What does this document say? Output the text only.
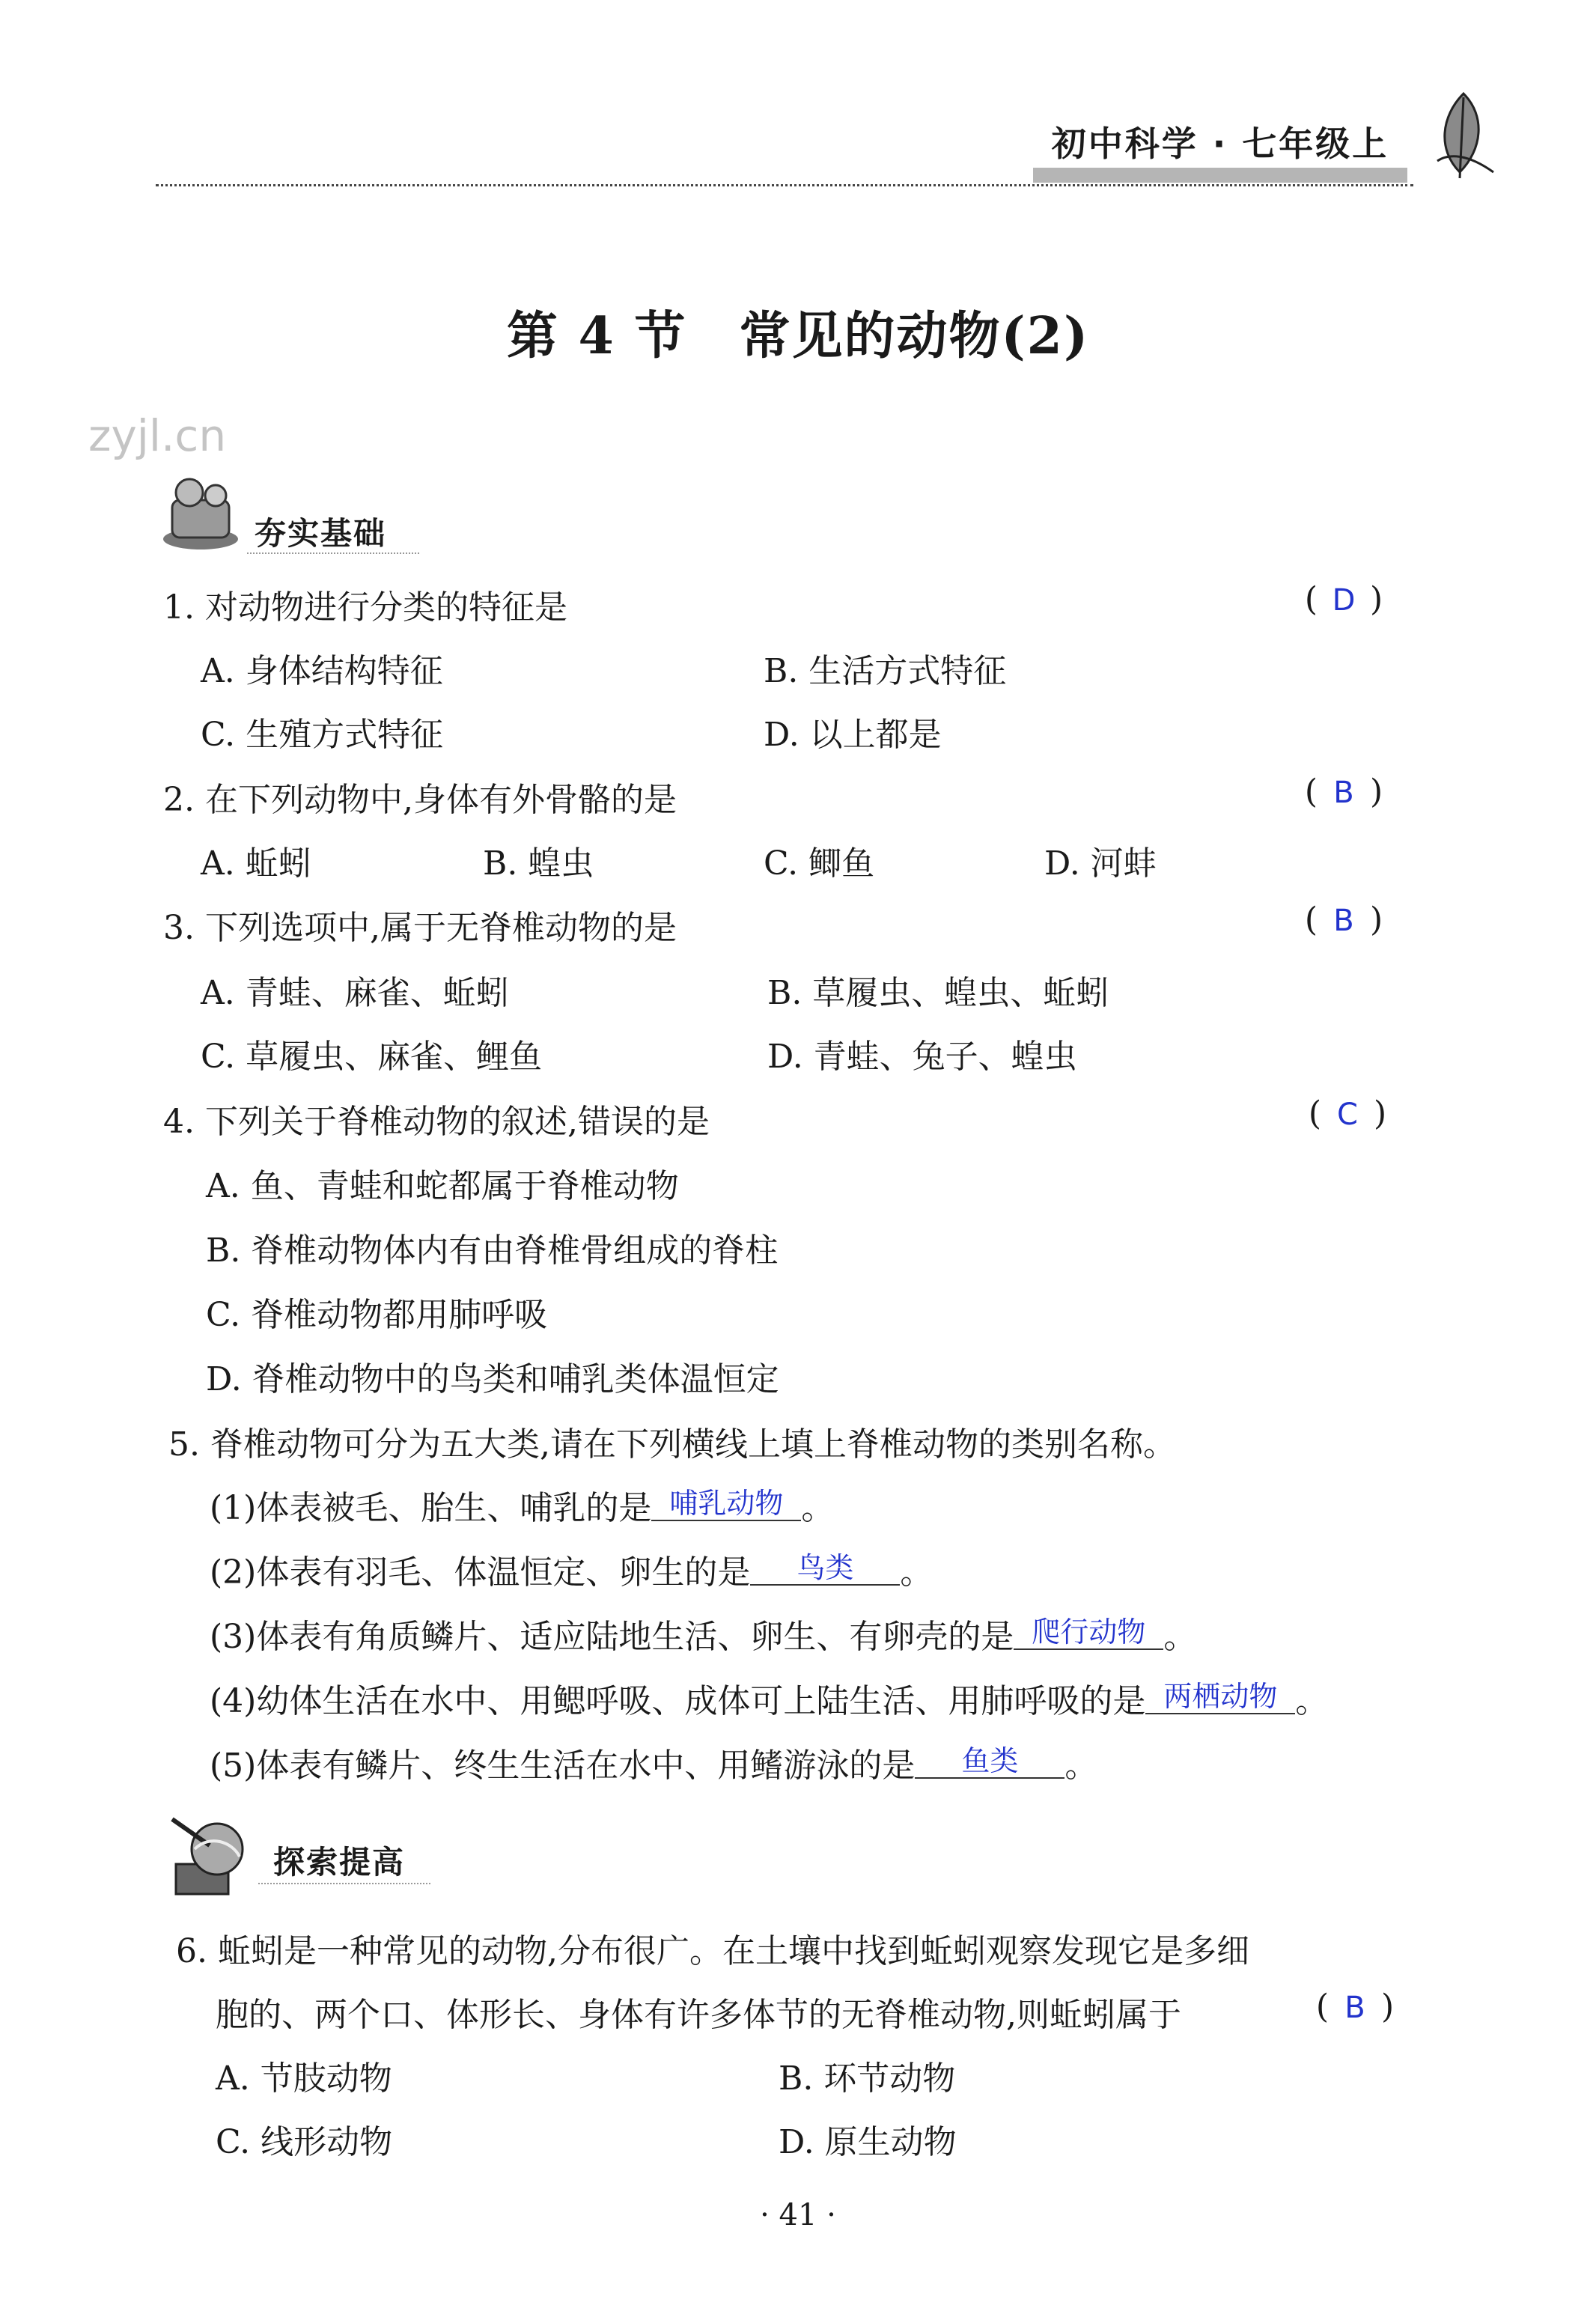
初中科学 · 七年级上
第 4 节 常见的动物(2)
zyjl.cn
夯实基础
1. 对动物进行分类的特征是	( D )
A. 身体结构特征	B. 生活方式特征
C. 生殖方式特征	D. 以上都是
2. 在下列动物中,身体有外骨骼的是	( B )
A. 蚯蚓	B. 蝗虫	C. 鲫鱼	D. 河蚌
3. 下列选项中,属于无脊椎动物的是	( B )
A. 青蛙、麻雀、蚯蚓	B. 草履虫、蝗虫、蚯蚓
C. 草履虫、麻雀、鲤鱼	D. 青蛙、兔子、蝗虫
4. 下列关于脊椎动物的叙述,错误的是	( C )
A. 鱼、青蛙和蛇都属于脊椎动物
B. 脊椎动物体内有由脊椎骨组成的脊柱
C. 脊椎动物都用肺呼吸
D. 脊椎动物中的鸟类和哺乳类体温恒定
5. 脊椎动物可分为五大类,请在下列横线上填上脊椎动物的类别名称。
(1)体表被毛、胎生、哺乳的是 哺乳动物 。
(2)体表有羽毛、体温恒定、卵生的是 鸟类 。
(3)体表有角质鳞片、适应陆地生活、卵生、有卵壳的是 爬行动物 。
(4)幼体生活在水中、用鳃呼吸、成体可上陆生活、用肺呼吸的是 两栖动物 。
(5)体表有鳞片、终生生活在水中、用鳍游泳的是 鱼类 。
探索提高
6. 蚯蚓是一种常见的动物,分布很广。在土壤中找到蚯蚓观察发现它是多细
胞的、两个口、体形长、身体有许多体节的无脊椎动物,则蚯蚓属于	( B )
A. 节肢动物	B. 环节动物
C. 线形动物	D. 原生动物
· 41 ·
